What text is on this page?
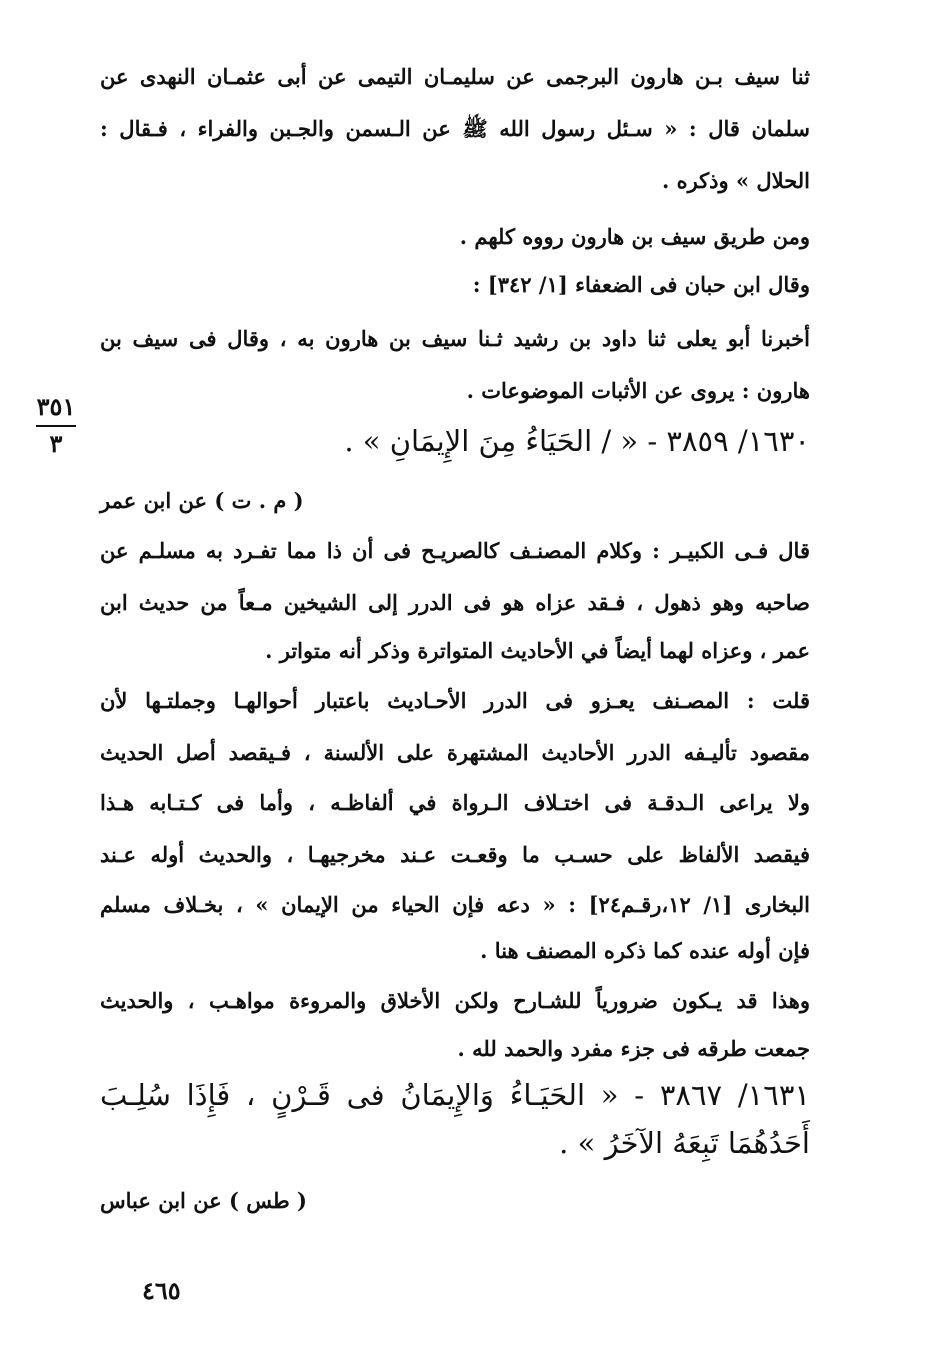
ثنا سيف بـن هارون البرجمى عن سليمـان التيمى عن أبى عثمـان النهدى عن
سلمان قال : « سـئل رسول الله ﷺ عن الـسمن والجـبن والفراء ، فـقال :
الحلال » وذكره .
ومن طريق سيف بن هارون رووه كلهم .
وقال ابن حبان فى الضعفاء [١/ ٣٤٢] :
أخبرنا أبو يعلى ثنا داود بن رشيد ثـنا سيف بن هارون به ، وقال فى سيف بن
هارون : يروى عن الأثبات الموضوعات .
١٦٣٠/ ٣٨٥٩ - « / الحَيَاءُ مِنَ الإِيمَانِ » .
( م . ت ) عن ابن عمر
قال فـى الكبيـر : وكلام المصنـف كالصريـح فى أن ذا مما تفـرد به مسلـم عن
صاحبه وهو ذهول ، فـقد عزاه هو فى الدرر إلى الشيخين مـعاً من حديث ابن
عمر ، وعزاه لهما أيضاً في الأحاديث المتواترة وذكر أنه متواتر .
قلت : المصـنف يعـزو فى الدرر الأحـاديث باعتبار أحوالهـا وجملتـها لأن
مقصود تأليـفه الدرر الأحاديث المشتهرة على الألسنة ، فـيقصد أصل الحديث
ولا يراعى الـدقـة فى اختـلاف الـرواة في ألفاظـه ، وأما فى كـتـابه هـذا
فيقصد الألفاظ على حسـب ما وقعـت عـند مخرجيهـا ، والحديث أوله عـند
البخارى [١/ ١٢،رقـم٢٤] : « دعه فإن الحياء من الإيمان » ، بخـلاف مسلم
فإن أوله عنده كما ذكره المصنف هنا .
وهذا قد يـكون ضرورياً للشـارح ولكن الأخلاق والمروءة مواهـب ، والحديث
جمعت طرقه فى جزء مفرد والحمد لله .
١٦٣١/ ٣٨٦٧ - « الحَيَـاءُ وَالإِيمَانُ فى قَـرْنٍ ، فَإِذَا سُلِـبَ
أَحَدُهُمَا تَبِعَهُ الآخَرُ » .
( طس ) عن ابن عباس
٣٥١
٣
٤٦٥
